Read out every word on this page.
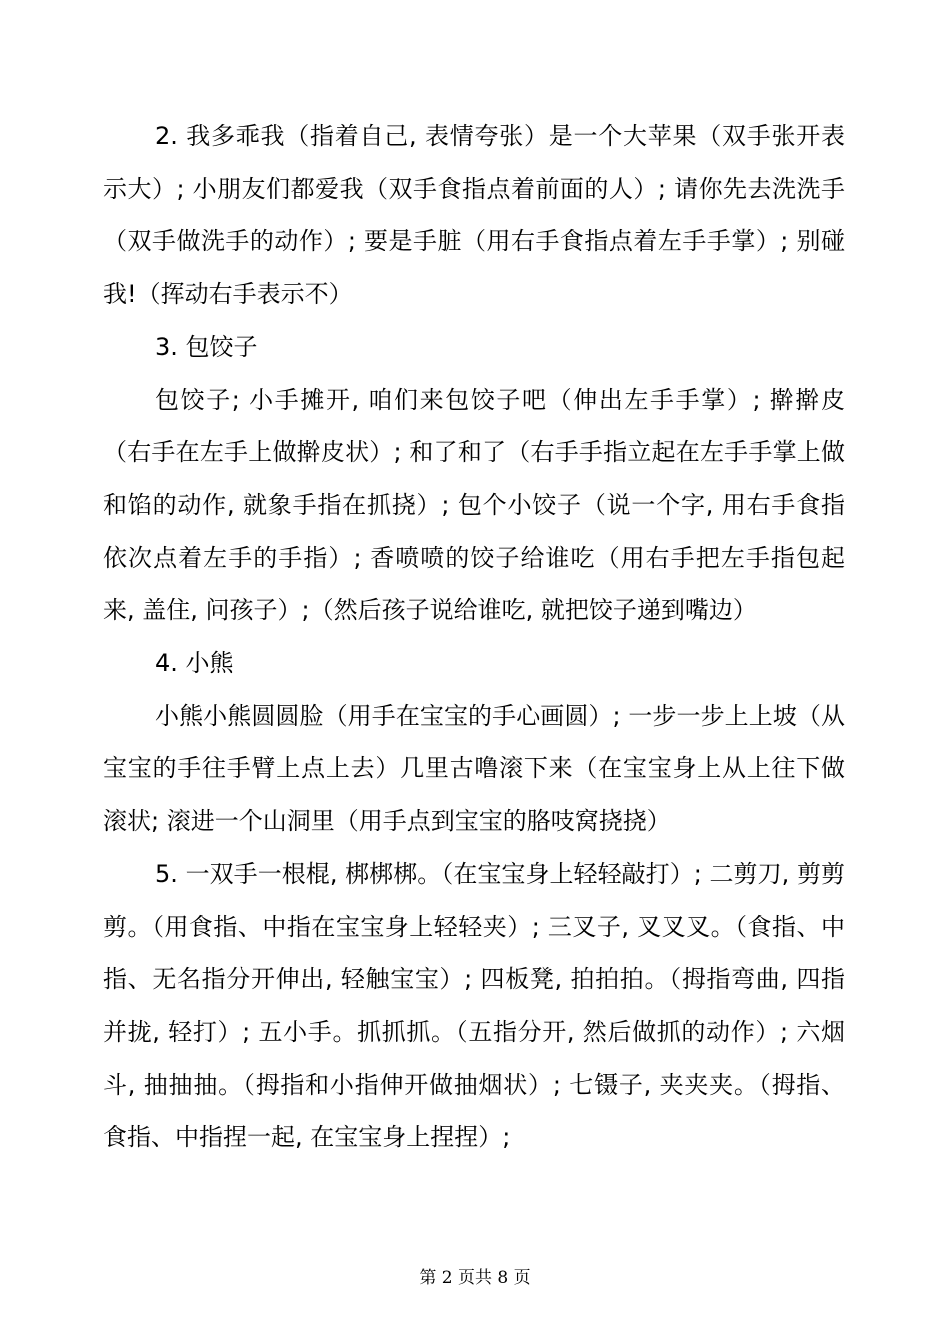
2. 我多乖我（指着自己, 表情夸张）是一个大苹果（双手张开表示大）; 小朋友们都爱我（双手食指点着前面的人）; 请你先去洗洗手（双手做洗手的动作）; 要是手脏（用右手食指点着左手手掌）; 别碰我!（挥动右手表示不）

3. 包饺子

包饺子; 小手摊开, 咱们来包饺子吧（伸出左手手掌）; 擀擀皮（右手在左手上做擀皮状）; 和了和了（右手手指立起在左手手掌上做和馅的动作, 就象手指在抓挠）; 包个小饺子（说一个字, 用右手食指依次点着左手的手指）; 香喷喷的饺子给谁吃（用右手把左手指包起来, 盖住, 问孩子）;（然后孩子说给谁吃, 就把饺子递到嘴边）

4. 小熊

小熊小熊圆圆脸（用手在宝宝的手心画圆）; 一步一步上上坡（从宝宝的手往手臂上点上去）几里古噜滚下来（在宝宝身上从上往下做滚状; 滚进一个山洞里（用手点到宝宝的胳吱窝挠挠）

5. 一双手一根棍, 梆梆梆。（在宝宝身上轻轻敲打）; 二剪刀, 剪剪剪。（用食指、中指在宝宝身上轻轻夹）; 三叉子, 叉叉叉。（食指、中指、无名指分开伸出, 轻触宝宝）; 四板凳, 拍拍拍。（拇指弯曲, 四指并拢, 轻打）; 五小手。抓抓抓。（五指分开, 然后做抓的动作）; 六烟斗, 抽抽抽。（拇指和小指伸开做抽烟状）; 七镊子, 夹夹夹。（拇指、食指、中指捏一起, 在宝宝身上捏捏）;

第 2 页共 8 页
